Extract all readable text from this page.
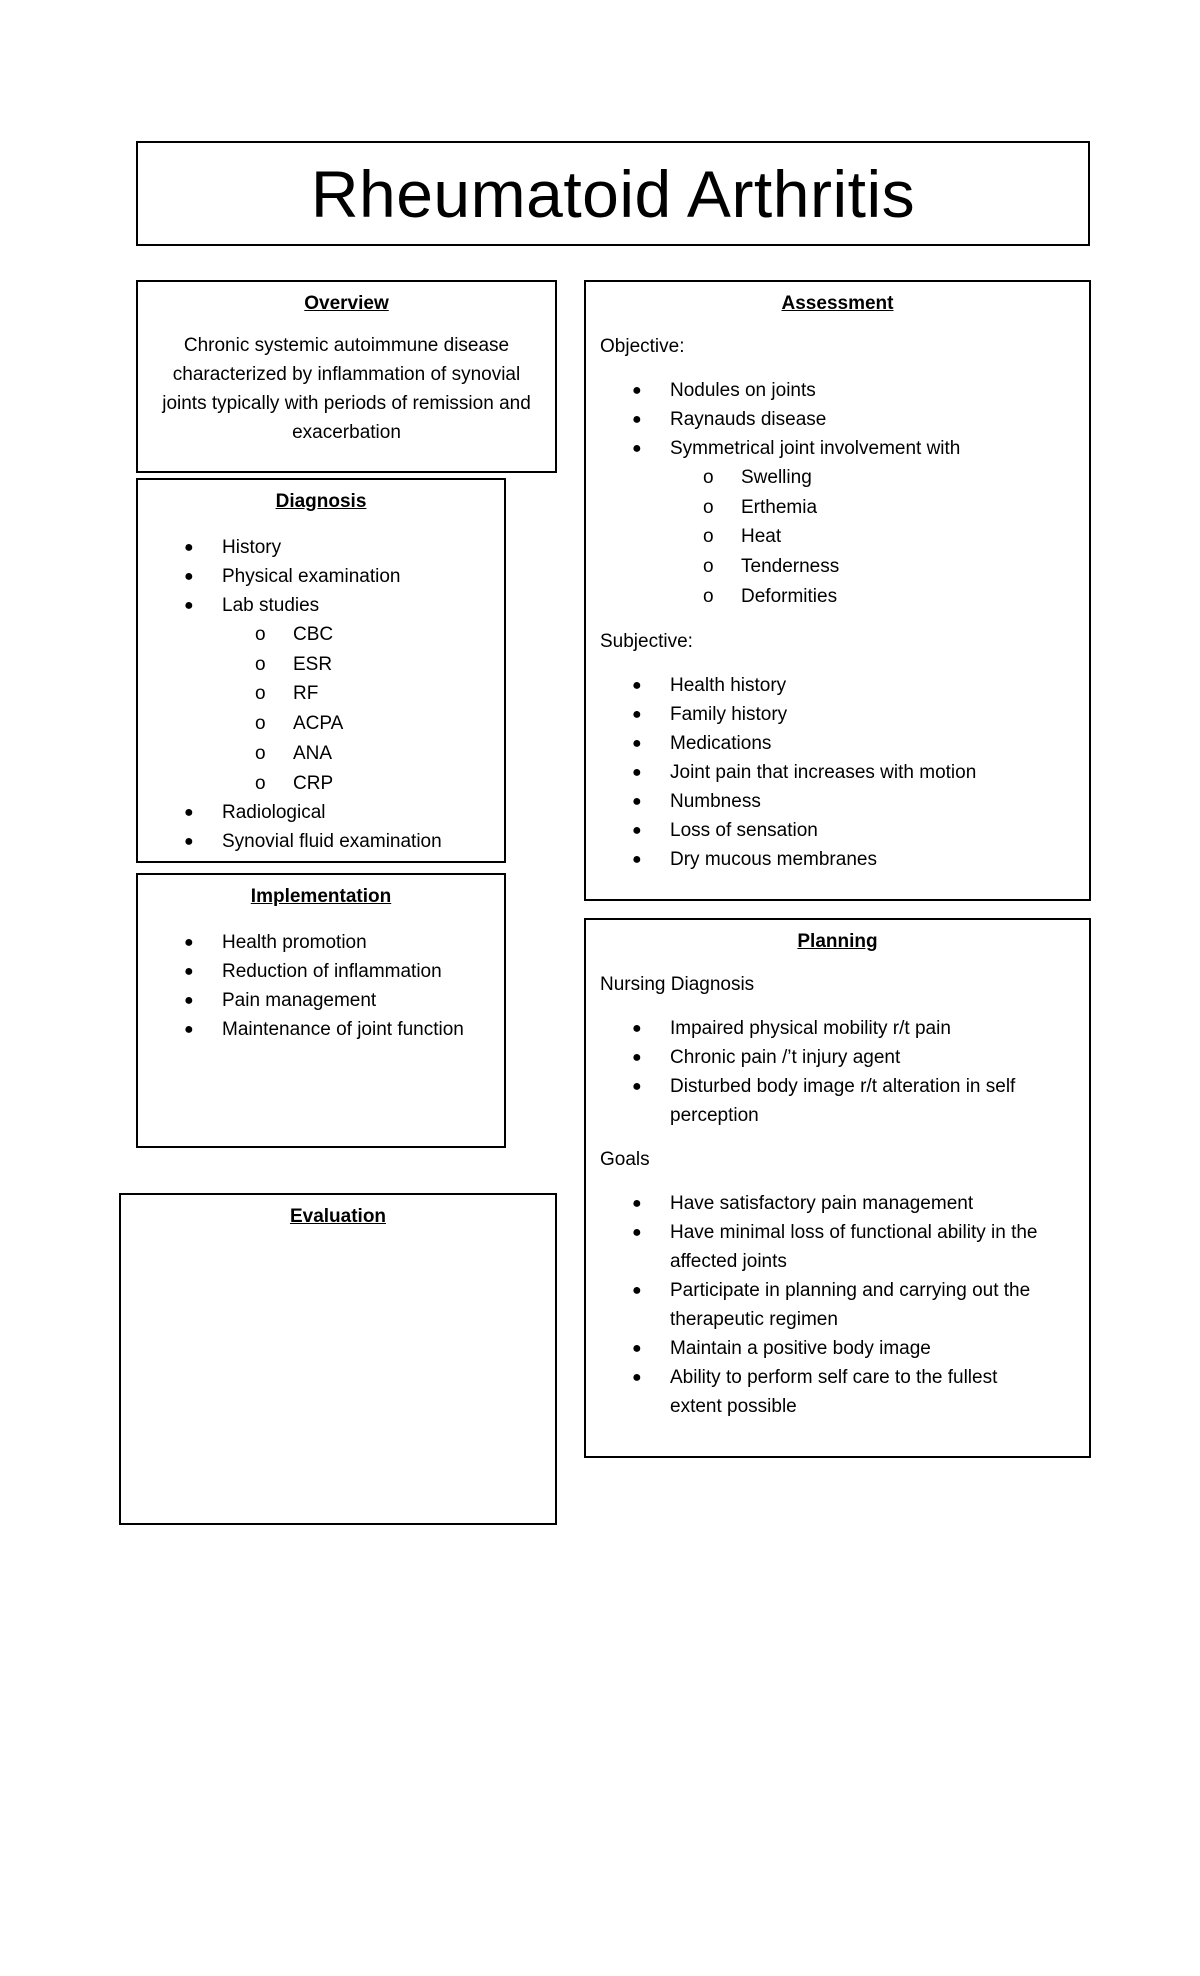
Rheumatoid Arthritis

Overview

Chronic systemic autoimmune disease characterized by inflammation of synovial joints typically with periods of remission and exacerbation

Diagnosis

● History
● Physical examination
● Lab studies
o CBC
o ESR
o RF
o ACPA
o ANA
o CRP
● Radiological
● Synovial fluid examination

Implementation

● Health promotion
● Reduction of inflammation
● Pain management
● Maintenance of joint function

Evaluation

Assessment

Objective:
● Nodules on joints
● Raynauds disease
● Symmetrical joint involvement with
o Swelling
o Erthemia
o Heat
o Tenderness
o Deformities
Subjective:
● Health history
● Family history
● Medications
● Joint pain that increases with motion
● Numbness
● Loss of sensation
● Dry mucous membranes

Planning

Nursing Diagnosis
● Impaired physical mobility r/t pain
● Chronic pain /’t injury agent
● Disturbed body image r/t alteration in self perception
Goals
● Have satisfactory pain management
● Have minimal loss of functional ability in the affected joints
● Participate in planning and carrying out the therapeutic regimen
● Maintain a positive body image
● Ability to perform self care to the fullest extent possible
